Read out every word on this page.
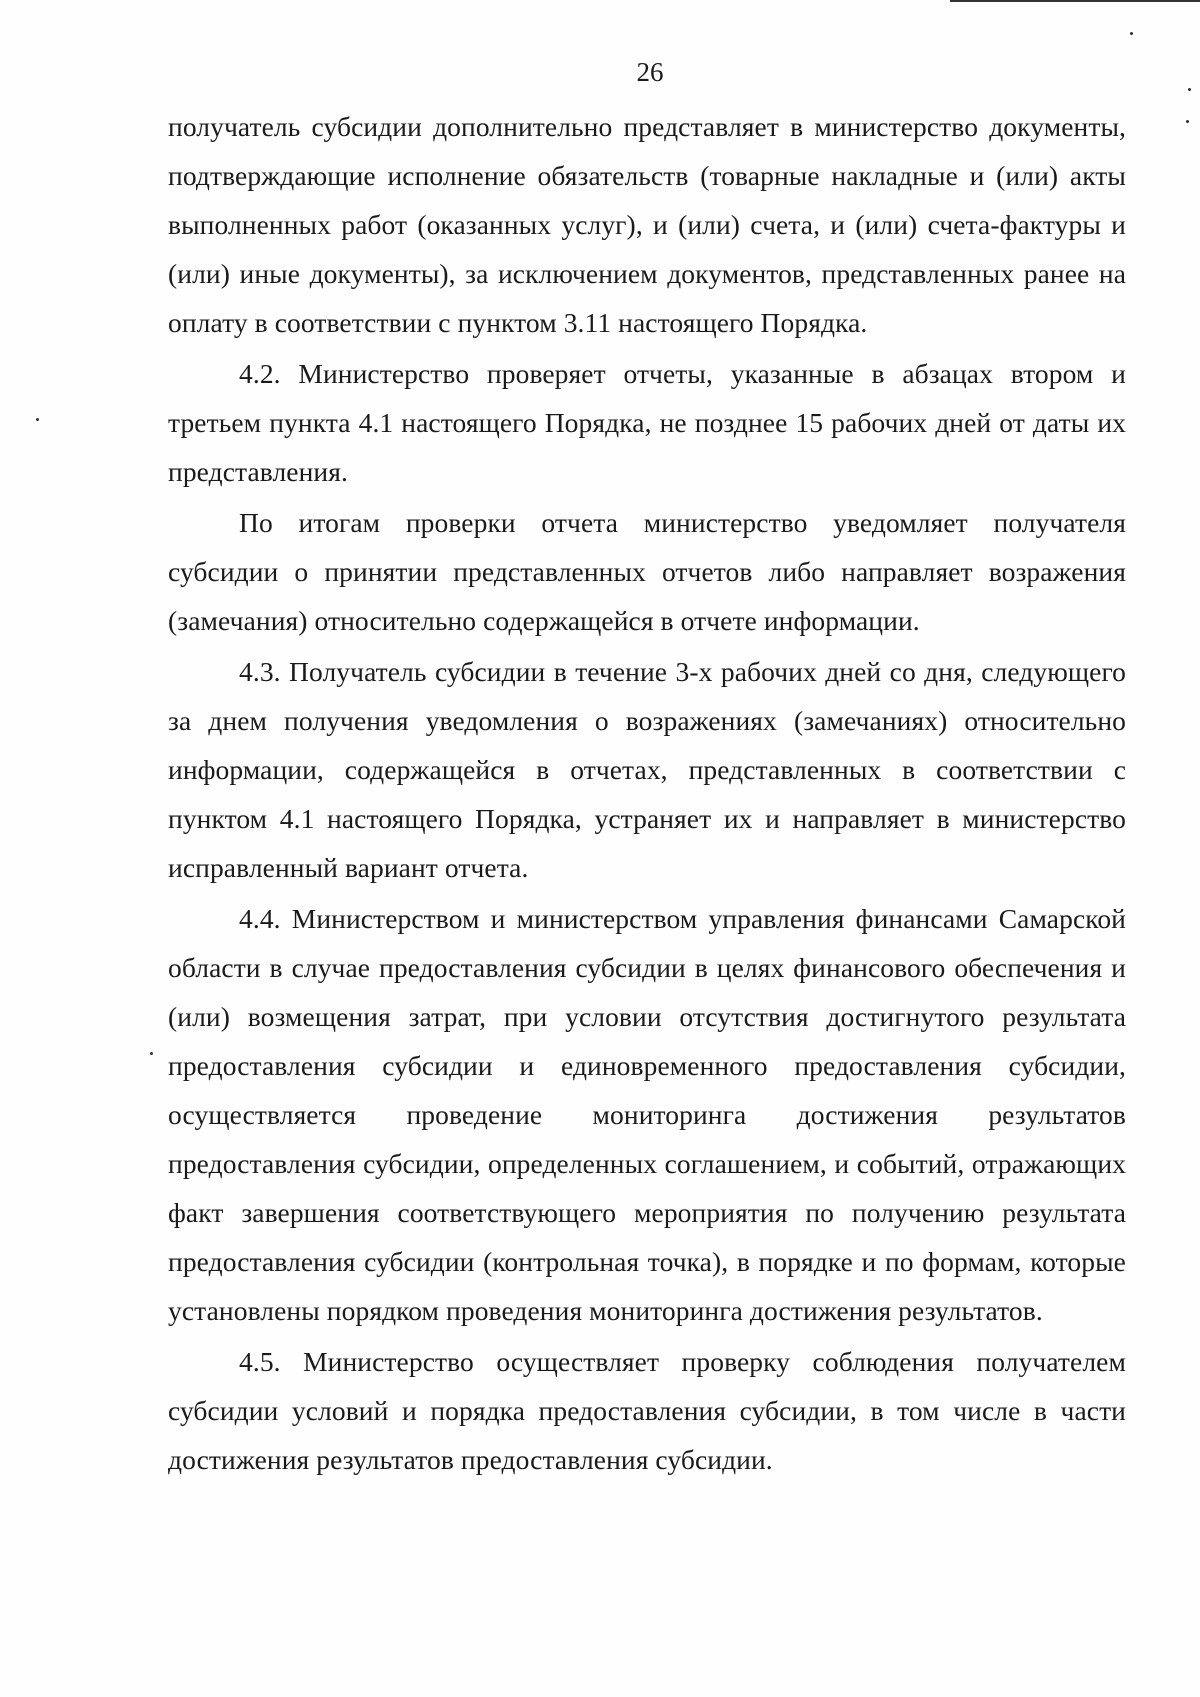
26

получатель субсидии дополнительно представляет в министерство документы, подтверждающие исполнение обязательств (товарные накладные и (или) акты выполненных работ (оказанных услуг), и (или) счета, и (или) счета-фактуры и (или) иные документы), за исключением документов, представленных ранее на оплату в соответствии с пунктом 3.11 настоящего Порядка.

4.2. Министерство проверяет отчеты, указанные в абзацах втором и третьем пункта 4.1 настоящего Порядка, не позднее 15 рабочих дней от даты их представления.

По итогам проверки отчета министерство уведомляет получателя субсидии о принятии представленных отчетов либо направляет возражения (замечания) относительно содержащейся в отчете информации.

4.3. Получатель субсидии в течение 3-х рабочих дней со дня, следующего за днем получения уведомления о возражениях (замечаниях) относительно информации, содержащейся в отчетах, представленных в соответствии с пунктом 4.1 настоящего Порядка, устраняет их и направляет в министерство исправленный вариант отчета.

4.4. Министерством и министерством управления финансами Самарской области в случае предоставления субсидии в целях финансового обеспечения и (или) возмещения затрат, при условии отсутствия достигнутого результата предоставления субсидии и единовременного предоставления субсидии, осуществляется проведение мониторинга достижения результатов предоставления субсидии, определенных соглашением, и событий, отражающих факт завершения соответствующего мероприятия по получению результата предоставления субсидии (контрольная точка), в порядке и по формам, которые установлены порядком проведения мониторинга достижения результатов.

4.5. Министерство осуществляет проверку соблюдения получателем субсидии условий и порядка предоставления субсидии, в том числе в части достижения результатов предоставления субсидии.
